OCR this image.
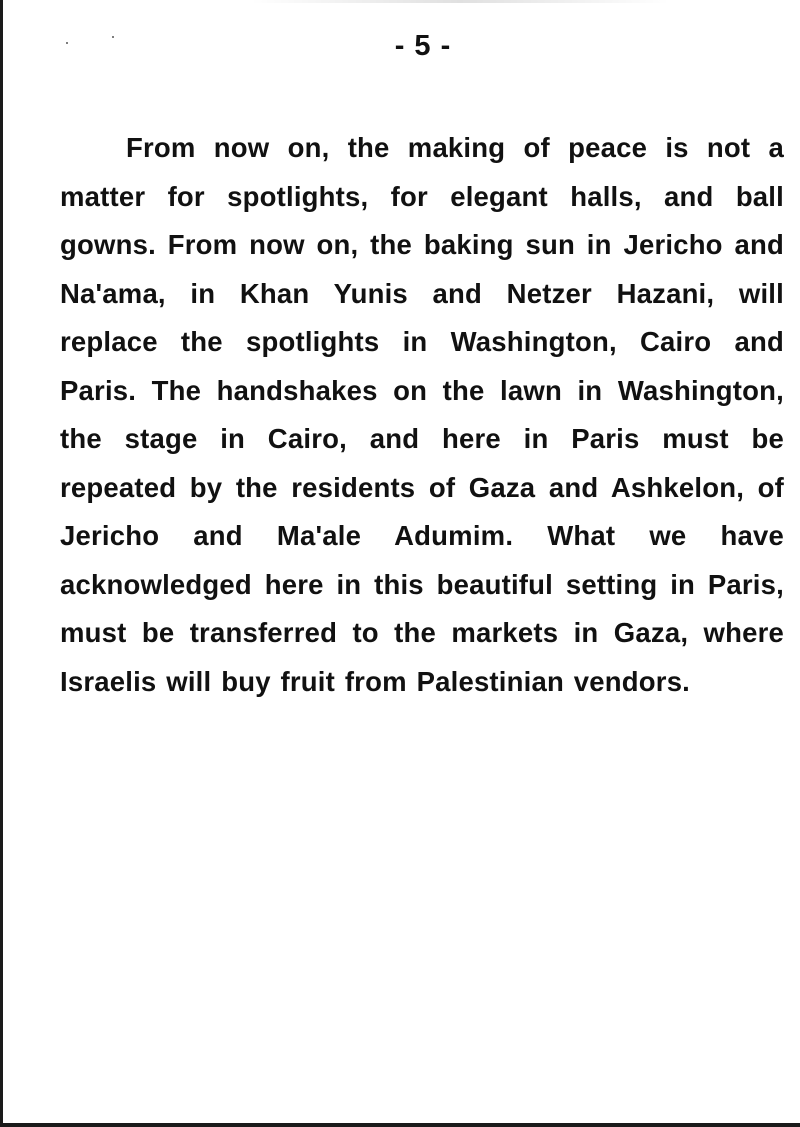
- 5 -

From now on, the making of peace is not a matter for spotlights, for elegant halls, and ball gowns. From now on, the baking sun in Jericho and Na'ama, in Khan Yunis and Netzer Hazani, will replace the spotlights in Washington, Cairo and Paris. The handshakes on the lawn in Washington, the stage in Cairo, and here in Paris must be repeated by the residents of Gaza and Ashkelon, of Jericho and Ma'ale Adumim. What we have acknowledged here in this beautiful setting in Paris, must be transferred to the markets in Gaza, where Israelis will buy fruit from Palestinian vendors.
